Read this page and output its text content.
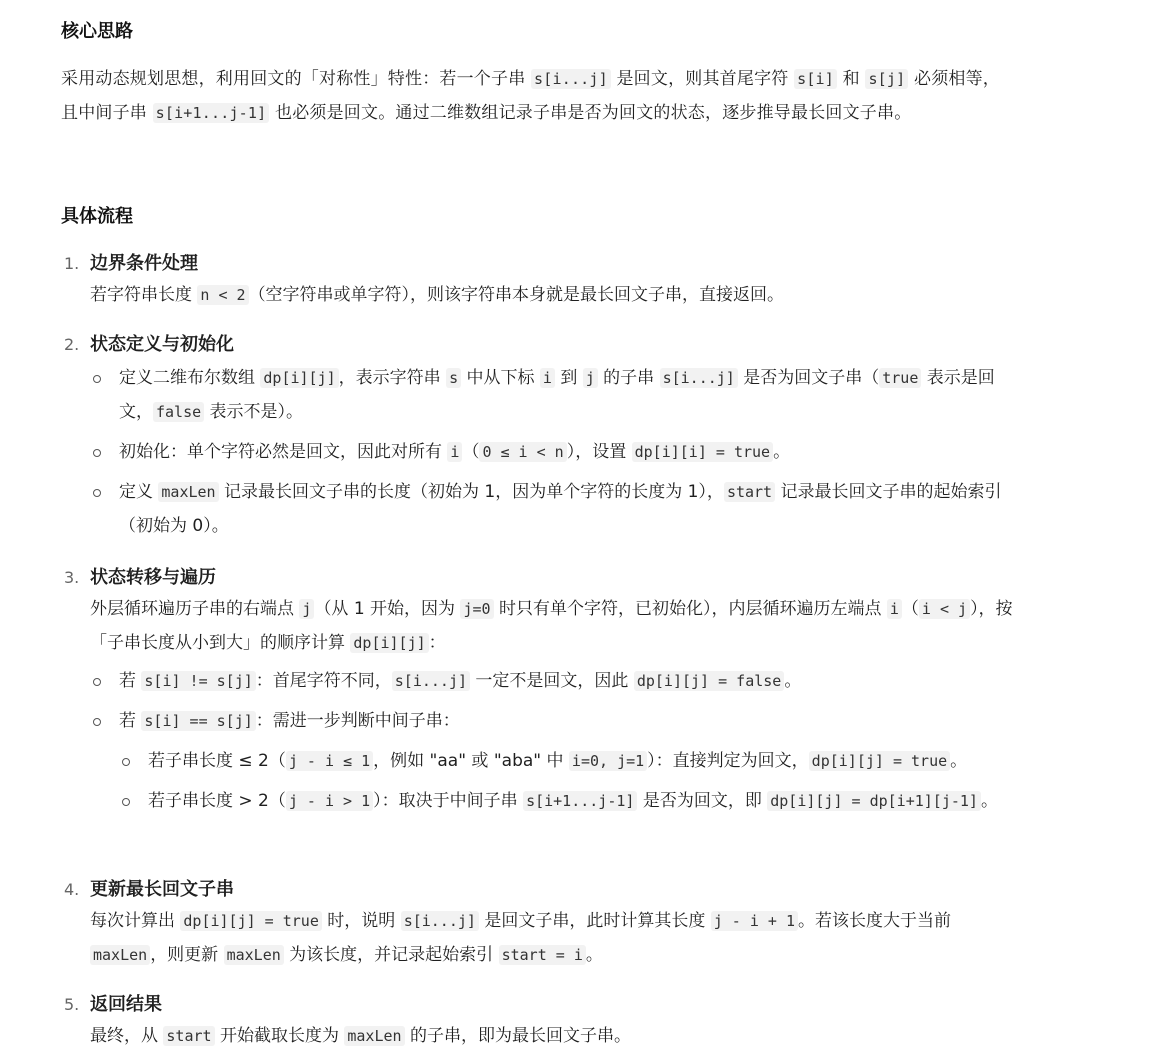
核心思路

采用动态规划思想，利用回文的「对称性」特性：若一个子串 s[i...j] 是回文，则其首尾字符 s[i] 和 s[j] 必须相等，且中间子串 s[i+1...j-1] 也必须是回文。通过二维数组记录子串是否为回文的状态，逐步推导最长回文子串。

具体流程
1. 边界条件处理
若字符串长度 n < 2 （空字符串或单字符），则该字符串本身就是最长回文子串，直接返回。
2. 状态定义与初始化
定义二维布尔数组 dp[i][j] ，表示字符串 s 中从下标 i 到 j 的子串 s[i...j] 是否为回文子串（ true 表示是回文， false 表示不是）。
初始化：单个字符必然是回文，因此对所有 i （ 0 ≤ i < n ），设置 dp[i][i] = true 。
定义 maxLen 记录最长回文子串的长度（初始为 1，因为单个字符的长度为 1）， start 记录最长回文子串的起始索引（初始为 0）。
3. 状态转移与遍历
外层循环遍历子串的右端点 j （从 1 开始，因为 j=0 时只有单个字符，已初始化），内层循环遍历左端点 i （ i < j ），按「子串长度从小到大」的顺序计算 dp[i][j] ：
若 s[i] != s[j] ：首尾字符不同， s[i...j] 一定不是回文，因此 dp[i][j] = false 。
若 s[i] == s[j] ：需进一步判断中间子串：
若子串长度 ≤ 2（ j - i ≤ 1 ，例如 "aa" 或 "aba" 中 i=0, j=1 ）：直接判定为回文， dp[i][j] = true 。
若子串长度 > 2（ j - i > 1 ）：取决于中间子串 s[i+1...j-1] 是否为回文，即 dp[i][j] = dp[i+1][j-1] 。
4. 更新最长回文子串
每次计算出 dp[i][j] = true 时，说明 s[i...j] 是回文子串，此时计算其长度 j - i + 1 。若该长度大于当前 maxLen ，则更新 maxLen 为该长度，并记录起始索引 start = i 。
5. 返回结果
最终，从 start 开始截取长度为 maxLen 的子串，即为最长回文子串。
